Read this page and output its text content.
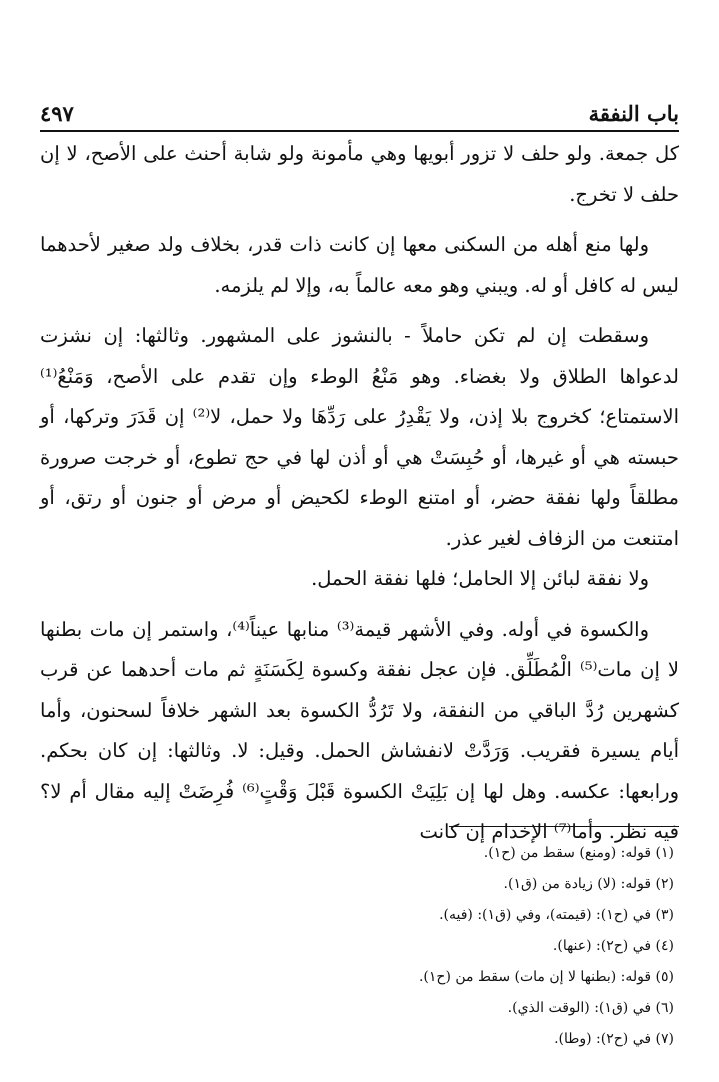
باب النفقة
٤٩٧

كل جمعة. ولو حلف لا تزور أبويها وهي مأمونة ولو شابة أحنث على الأصح، لا إن حلف لا تخرج.

ولها منع أهله من السكنى معها إن كانت ذات قدر، بخلاف ولد صغير لأحدهما ليس له كافل أو له. ويبني وهو معه عالماً به، وإلا لم يلزمه.

وسقطت إن لم تكن حاملاً - بالنشوز على المشهور. وثالثها: إن نشزت لدعواها الطلاق ولا بغضاء. وهو مَنْعُ الوطء وإن تقدم على الأصح، وَمَنْعُ⁽¹⁾ الاستمتاع؛ كخروج بلا إذن، ولا يَقْدِرُ على رَدِّهَا ولا حمل، لا⁽²⁾ إن قَدَرَ وتركها، أو حبسته هي أو غيرها، أو حُبِسَتْ هي أو أذن لها في حج تطوع، أو خرجت صرورة مطلقاً ولها نفقة حضر، أو امتنع الوطء لكحيض أو مرض أو جنون أو رتق، أو امتنعت من الزفاف لغير عذر.

ولا نفقة لبائن إلا الحامل؛ فلها نفقة الحمل.

والكسوة في أوله. وفي الأشهر قيمة⁽³⁾ منابها عيناً⁽⁴⁾، واستمر إن مات بطنها لا إن مات⁽⁵⁾ الْمُطَلِّق. فإن عجل نفقة وكسوة لِكَسَنَةٍ ثم مات أحدهما عن قرب كشهرين رُدَّ الباقي من النفقة، ولا تَرُدُّ الكسوة بعد الشهر خلافاً لسحنون، وأما أيام يسيرة فقريب. وَرَدَّتْ لانفشاش الحمل. وقيل: لا. وثالثها: إن كان بحكم. ورابعها: عكسه. وهل لها إن بَلِيَتْ الكسوة قَبْلَ وَقْتٍ⁽⁶⁾ فُرِضَتْ إليه مقال أم لا؟ فيه نظر. وأما⁽⁷⁾ الإخدام إن كانت

(١) قوله: (ومنع) سقط من (ح١).

(٢) قوله: (لا) زيادة من (ق١).

(٣) في (ح١): (قيمته)، وفي (ق١): (فيه).

(٤) في (ح٢): (عنها).

(٥) قوله: (بطنها لا إن مات) سقط من (ح١).

(٦) في (ق١): (الوقت الذي).

(٧) في (ح٢): (وطا).
